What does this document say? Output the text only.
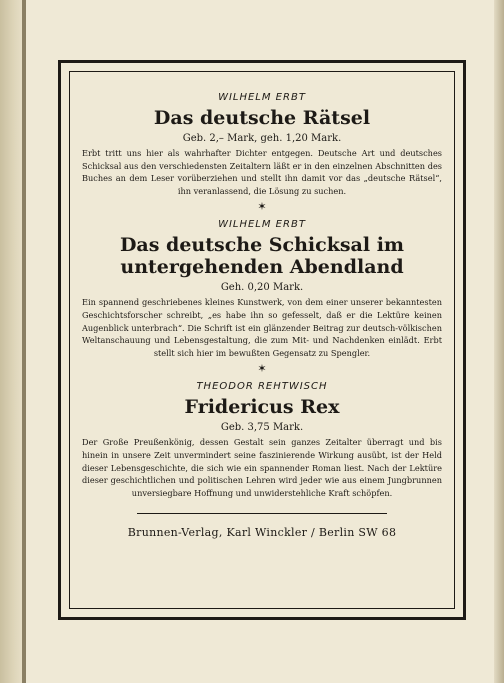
WILHELM ERBT

Das deutsche Rätsel

Geb. 2,– Mark, geh. 1,20 Mark.

Erbt tritt uns hier als wahrhafter Dichter entgegen. Deutsche Art und deutsches Schicksal aus den verschiedensten Zeitaltern läßt er in den einzelnen Abschnitten des Buches an dem Leser vorüberziehen und stellt ihn damit vor das „deutsche Rätsel“, ihn veranlassend, die Lösung zu suchen.

✶

WILHELM ERBT

Das deutsche Schicksal im untergehenden Abendland

Geh. 0,20 Mark.

Ein spannend geschriebenes kleines Kunstwerk, von dem einer unserer bekanntesten Geschichtsforscher schreibt, „es habe ihn so gefesselt, daß er die Lektüre keinen Augenblick unterbrach“. Die Schrift ist ein glänzender Beitrag zur deutsch-völkischen Weltanschauung und Lebensgestaltung, die zum Mit- und Nachdenken einlädt. Erbt stellt sich hier im bewußten Gegensatz zu Spengler.

✶

THEODOR REHTWISCH

Fridericus Rex

Geb. 3,75 Mark.

Der Große Preußenkönig, dessen Gestalt sein ganzes Zeitalter überragt und bis hinein in unsere Zeit unvermindert seine faszinierende Wirkung ausübt, ist der Held dieser Lebensgeschichte, die sich wie ein spannender Roman liest. Nach der Lektüre dieser geschichtlichen und politischen Lehren wird jeder wie aus einem Jungbrunnen unversiegbare Hoffnung und unwiderstehliche Kraft schöpfen.

Brunnen-Verlag, Karl Winckler / Berlin SW 68
